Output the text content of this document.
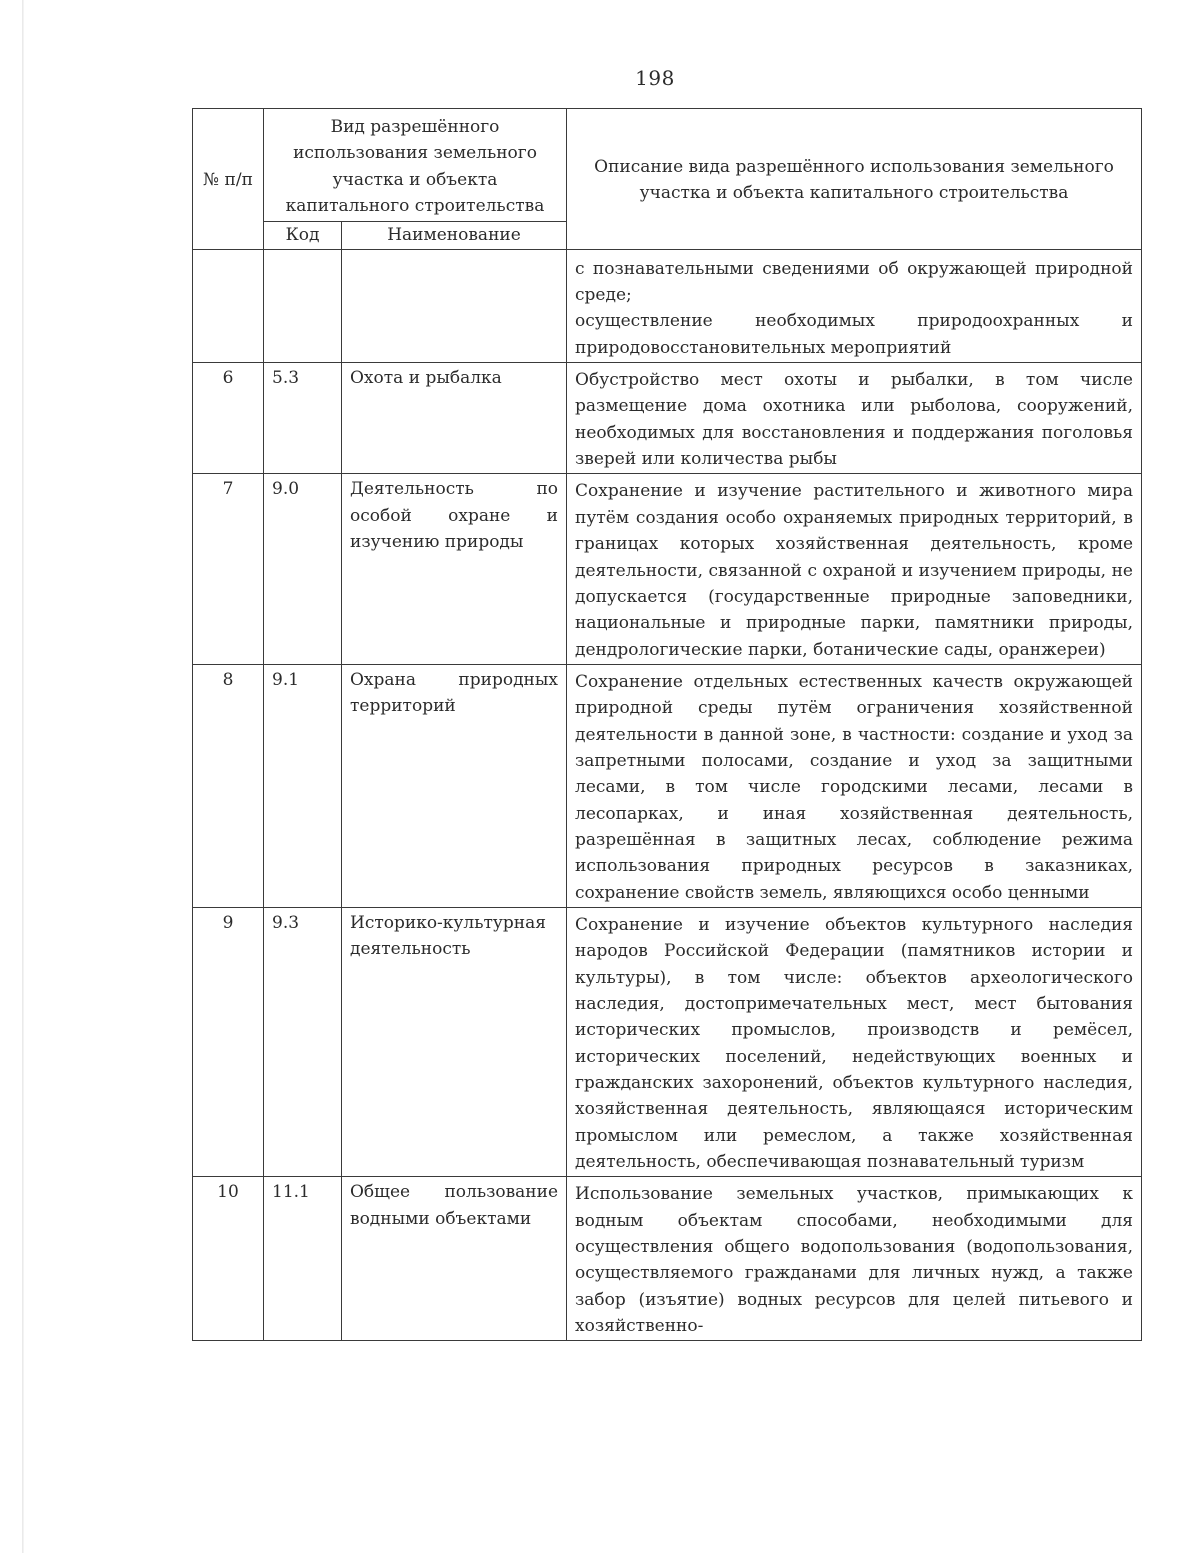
198
№ п/п	Вид разрешённого использования земельного участка и объекта капитального строительства		Описание вида разрешённого использования земельного участка и объекта капитального строительства
	Код	Наименование	

			с познавательными сведениями об окружающей природной среде;

осуществление необходимых природоохранных и природовосстановительных мероприятий

6	5.3	Охота и рыбалка	Обустройство мест охоты и рыбалки, в том числе размещение дома охотника или рыболова, сооружений, необходимых для восстановления и поддержания поголовья зверей или количества рыбы

7	9.0	Деятельность по особой охране и изучению природы	Сохранение и изучение растительного и животного мира путём создания особо охраняемых природных территорий, в границах которых хозяйственная деятельность, кроме деятельности, связанной с охраной и изучением природы, не допускается (государственные природные заповедники, национальные и природные парки, памятники природы, дендрологические парки, ботанические сады, оранжереи)

8	9.1	Охрана природных территорий	Сохранение отдельных естественных качеств окружающей природной среды путём ограничения хозяйственной деятельности в данной зоне, в частности: создание и уход за запретными полосами, создание и уход за защитными лесами, в том числе городскими лесами, лесами в лесопарках, и иная хозяйственная деятельность, разрешённая в защитных лесах, соблюдение режима использования природных ресурсов в заказниках, сохранение свойств земель, являющихся особо ценными

9	9.3	Историко-культурная деятельность	Сохранение и изучение объектов культурного наследия народов Российской Федерации (памятников истории и культуры), в том числе: объектов археологического наследия, достопримечательных мест, мест бытования исторических промыслов, производств и ремёсел, исторических поселений, недействующих военных и гражданских захоронений, объектов культурного наследия, хозяйственная деятельность, являющаяся историческим промыслом или ремеслом, а также хозяйственная деятельность, обеспечивающая познавательный туризм

10	11.1	Общее пользование водными объектами	Использование земельных участков, примыкающих к водным объектам способами, необходимыми для осуществления общего водопользования (водопользования, осуществляемого гражданами для личных нужд, а также забор (изъятие) водных ресурсов для целей питьевого и хозяйственно-
